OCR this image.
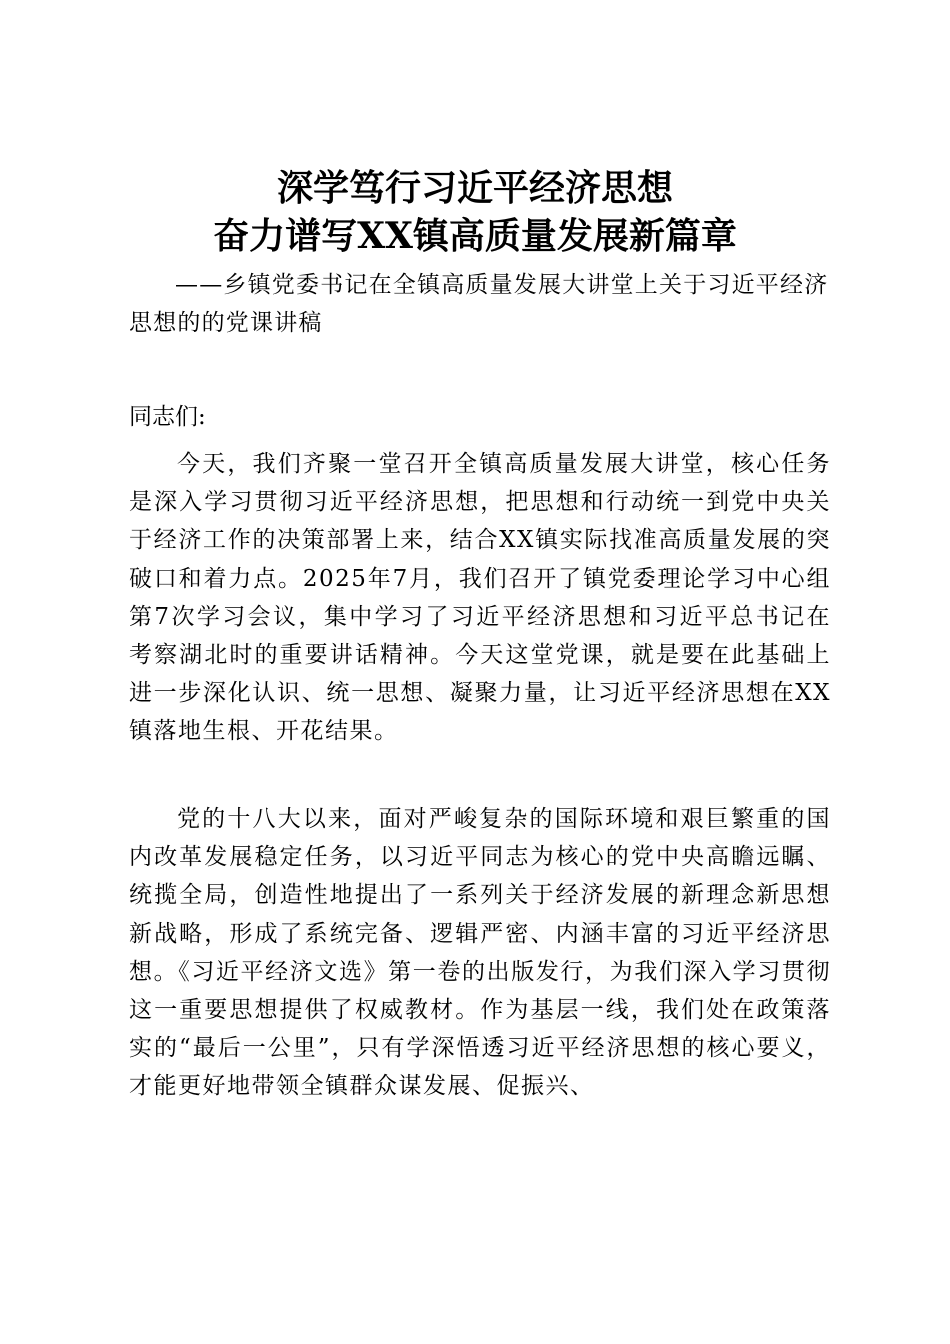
深学笃行习近平经济思想
奋力谱写XX镇高质量发展新篇章

——乡镇党委书记在全镇高质量发展大讲堂上关于习近平经济思想的的党课讲稿

同志们:

今天，我们齐聚一堂召开全镇高质量发展大讲堂，核心任务是深入学习贯彻习近平经济思想，把思想和行动统一到党中央关于经济工作的决策部署上来，结合XX镇实际找准高质量发展的突破口和着力点。2025年7月，我们召开了镇党委理论学习中心组第7次学习会议，集中学习了习近平经济思想和习近平总书记在考察湖北时的重要讲话精神。今天这堂党课，就是要在此基础上进一步深化认识、统一思想、凝聚力量，让习近平经济思想在XX镇落地生根、开花结果。

党的十八大以来，面对严峻复杂的国际环境和艰巨繁重的国内改革发展稳定任务，以习近平同志为核心的党中央高瞻远瞩、统揽全局，创造性地提出了一系列关于经济发展的新理念新思想新战略，形成了系统完备、逻辑严密、内涵丰富的习近平经济思想。《习近平经济文选》第一卷的出版发行，为我们深入学习贯彻这一重要思想提供了权威教材。作为基层一线，我们处在政策落实的“最后一公里”，只有学深悟透习近平经济思想的核心要义，才能更好地带领全镇群众谋发展、促振兴、
